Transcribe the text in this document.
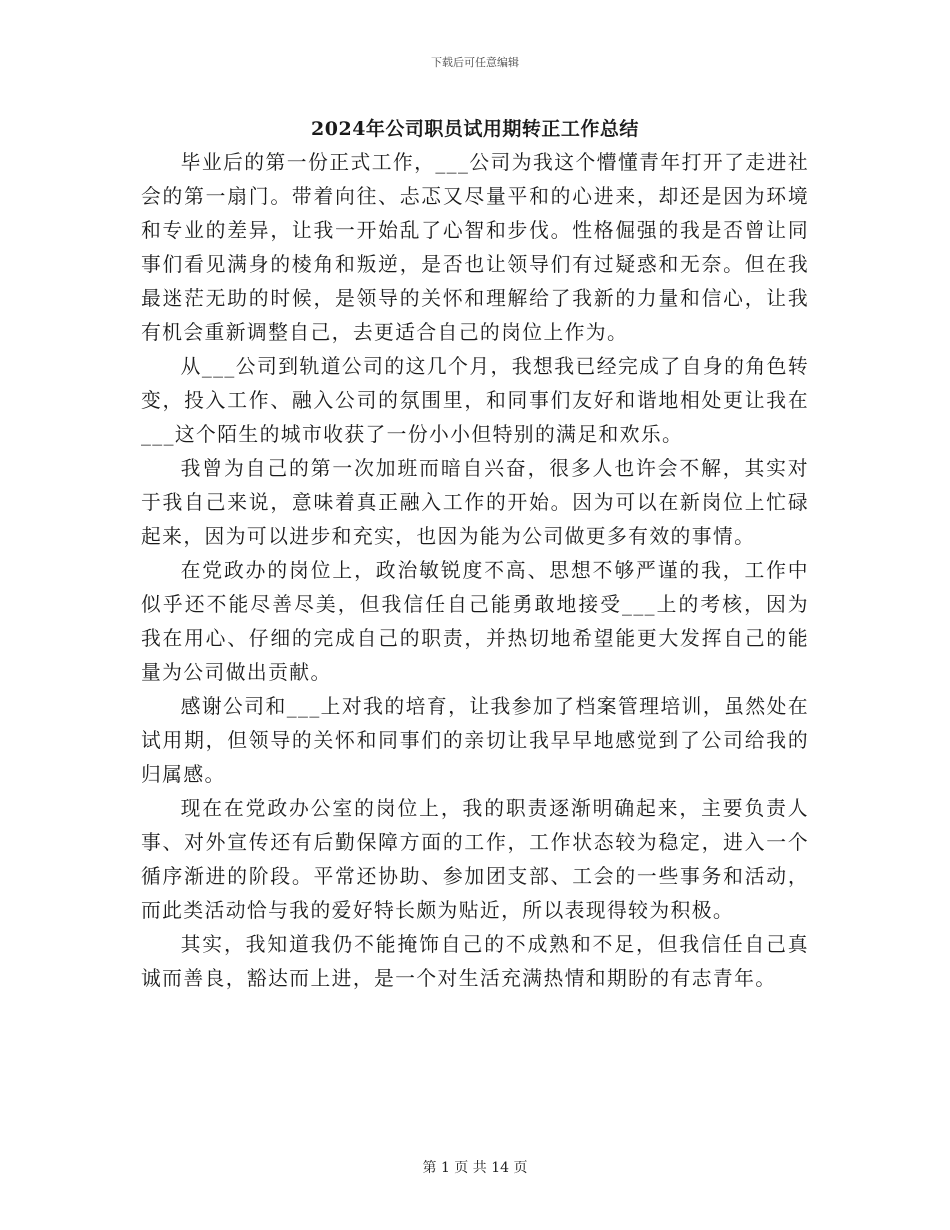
下载后可任意编辑
2024年公司职员试用期转正工作总结

毕业后的第一份正式工作，___公司为我这个懵懂青年打开了走进社会的第一扇门。带着向往、忐忑又尽量平和的心进来，却还是因为环境和专业的差异，让我一开始乱了心智和步伐。性格倔强的我是否曾让同事们看见满身的棱角和叛逆，是否也让领导们有过疑惑和无奈。但在我最迷茫无助的时候，是领导的关怀和理解给了我新的力量和信心，让我有机会重新调整自己，去更适合自己的岗位上作为。

从___公司到轨道公司的这几个月，我想我已经完成了自身的角色转变，投入工作、融入公司的氛围里，和同事们友好和谐地相处更让我在___这个陌生的城市收获了一份小小但特别的满足和欢乐。

我曾为自己的第一次加班而暗自兴奋，很多人也许会不解，其实对于我自己来说，意味着真正融入工作的开始。因为可以在新岗位上忙碌起来，因为可以进步和充实，也因为能为公司做更多有效的事情。

在党政办的岗位上，政治敏锐度不高、思想不够严谨的我，工作中似乎还不能尽善尽美，但我信任自己能勇敢地接受___上的考核，因为我在用心、仔细的完成自己的职责，并热切地希望能更大发挥自己的能量为公司做出贡献。

感谢公司和___上对我的培育，让我参加了档案管理培训，虽然处在试用期，但领导的关怀和同事们的亲切让我早早地感觉到了公司给我的归属感。

现在在党政办公室的岗位上，我的职责逐渐明确起来，主要负责人事、对外宣传还有后勤保障方面的工作，工作状态较为稳定，进入一个循序渐进的阶段。平常还协助、参加团支部、工会的一些事务和活动，而此类活动恰与我的爱好特长颇为贴近，所以表现得较为积极。

其实，我知道我仍不能掩饰自己的不成熟和不足，但我信任自己真诚而善良，豁达而上进，是一个对生活充满热情和期盼的有志青年。

第 1 页 共 14 页
